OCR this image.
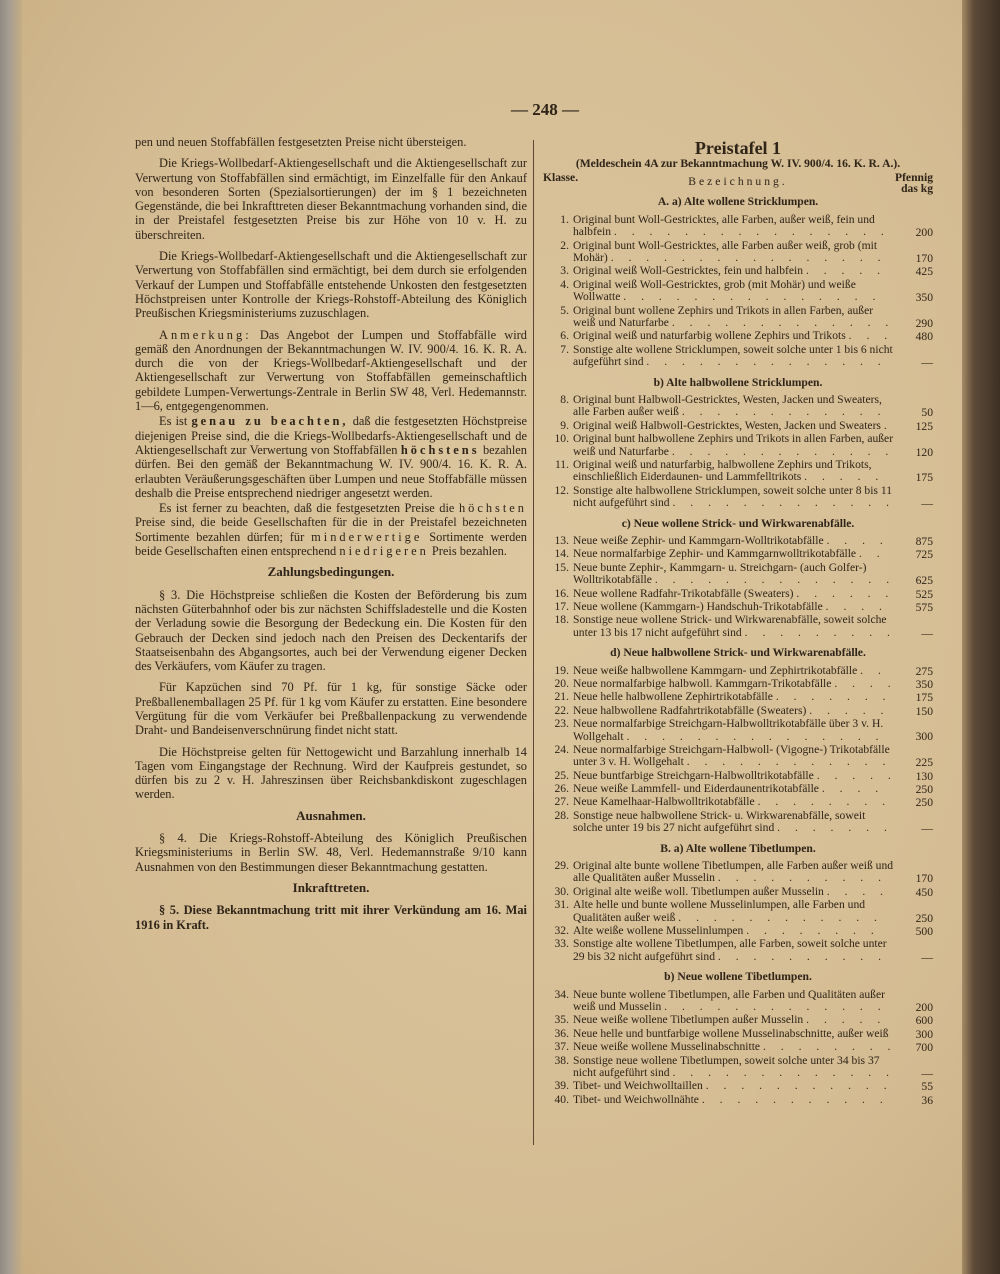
— 248 —

pen und neuen Stoffabfällen festgesetzten Preise nicht übersteigen.

Die Kriegs-Wollbedarf-Aktiengesellschaft und die Aktiengesellschaft zur Verwertung von Stoffabfällen sind ermächtigt, im Einzelfalle für den Ankauf von besonderen Sorten (Spezialsortierungen) der im § 1 bezeichneten Gegenstände, die bei Inkrafttreten dieser Bekanntmachung vorhanden sind, die in der Preistafel festgesetzten Preise bis zur Höhe von 10 v. H. zu überschreiten.

Die Kriegs-Wollbedarf-Aktiengesellschaft und die Aktiengesellschaft zur Verwertung von Stoffabfällen sind ermächtigt, bei dem durch sie erfolgenden Verkauf der Lumpen und Stoffabfälle entstehende Unkosten den festgesetzten Höchstpreisen unter Kontrolle der Kriegs-Rohstoff-Abteilung des Königlich Preußischen Kriegsministeriums zuzuschlagen.

Anmerkung: Das Angebot der Lumpen und Stoffabfälle wird gemäß den Anordnungen der Bekanntmachungen W. IV. 900/4. 16. K. R. A. durch die von der Kriegs-Wollbedarf-Aktiengesellschaft und der Aktiengesellschaft zur Verwertung von Stoffabfällen gemeinschaftlich gebildete Lumpen-Verwertungs-Zentrale in Berlin SW 48, Verl. Hedemannstr. 1—6, entgegengenommen.

Es ist genau zu beachten, daß die festgesetzten Höchstpreise diejenigen Preise sind, die die Kriegs-Wollbedarfs-Aktiengesellschaft und de Aktiengesellschaft zur Verwertung von Stoffabfällen höchstens bezahlen dürfen. Bei den gemäß der Bekanntmachung W. IV. 900/4. 16. K. R. A. erlaubten Veräußerungsgeschäften über Lumpen und neue Stoffabfälle müssen deshalb die Preise entsprechend niedriger angesetzt werden.

Es ist ferner zu beachten, daß die festgesetzten Preise die höchsten Preise sind, die beide Gesellschaften für die in der Preistafel bezeichneten Sortimente bezahlen dürfen; für minderwertige Sortimente werden beide Gesellschaften einen entsprechend niedrigeren Preis bezahlen.

Zahlungsbedingungen.

§ 3. Die Höchstpreise schließen die Kosten der Beförderung bis zum nächsten Güterbahnhof oder bis zur nächsten Schiffsladestelle und die Kosten der Verladung sowie die Besorgung der Bedeckung ein. Die Kosten für den Gebrauch der Decken sind jedoch nach den Preisen des Deckentarifs der Staatseisenbahn des Abgangsortes, auch bei der Verwendung eigener Decken des Verkäufers, vom Käufer zu tragen.

Für Kapzüchen sind 70 Pf. für 1 kg, für sonstige Säcke oder Preßballenemballagen 25 Pf. für 1 kg vom Käufer zu erstatten. Eine besondere Vergütung für die vom Verkäufer bei Preßballenpackung zu verwendende Draht- und Bandeisenverschnürung findet nicht statt.

Die Höchstpreise gelten für Nettogewicht und Barzahlung innerhalb 14 Tagen vom Eingangstage der Rechnung. Wird der Kaufpreis gestundet, so dürfen bis zu 2 v. H. Jahreszinsen über Reichsbankdiskont zugeschlagen werden.

Ausnahmen.

§ 4. Die Kriegs-Rohstoff-Abteilung des Königlich Preußischen Kriegsministeriums in Berlin SW. 48, Verl. Hedemannstraße 9/10 kann Ausnahmen von den Bestimmungen dieser Bekanntmachung gestatten.

Inkrafttreten.

§ 5. Diese Bekanntmachung tritt mit ihrer Verkündung am 16. Mai 1916 in Kraft.

Preistafel 1
(Meldeschein 4A zur Bekanntmachung W. IV. 900/4. 16. K. R. A.).
Klasse.	Bezeichnung.	Pfennig das kg
A. a) Alte wollene Stricklumpen.
1. Original bunt Woll-Gestricktes, alle Farben, außer weiß, fein und halbfein . . . . . . . . . . . . . . . .	200
2. Original bunt Woll-Gestricktes, alle Farben außer weiß, grob (mit Mohär) . . . . . . . . . . . . . . . .	170
3. Original weiß Woll-Gestricktes, fein und halbfein . . . . .	425
4. Original weiß Woll-Gestricktes, grob (mit Mohär) und weiße Wollwatte . . . . . . . . . . . . . . .	350
5. Original bunt wollene Zephirs und Trikots in allen Farben, außer weiß und Naturfarbe . . . . . . . . . . . . .	290
6. Original weiß und naturfarbig wollene Zephirs und Trikots . . .	480
7. Sonstige alte wollene Stricklumpen, soweit solche unter 1 bis 6 nicht aufgeführt sind . . . . . . . . . . . . . .	—
b) Alte halbwollene Stricklumpen.
8. Original bunt Halbwoll-Gestricktes, Westen, Jacken und Sweaters, alle Farben außer weiß . . . . . . . . . . . .	50
9. Original weiß Halbwoll-Gestricktes, Westen, Jacken und Sweaters .	125
10. Original bunt halbwollene Zephirs und Trikots in allen Farben, außer weiß und Naturfarbe . . . . . . . . . . . . .	120
11. Original weiß und naturfarbig, halbwollene Zephirs und Trikots, einschließlich Eiderdaunen- und Lammfelltrikots . . . . .	175
12. Sonstige alte halbwollene Stricklumpen, soweit solche unter 8 bis 11 nicht aufgeführt sind . . . . . . . . . . . . .	—
c) Neue wollene Strick- und Wirkwarenabfälle.
13. Neue weiße Zephir- und Kammgarn-Wolltrikotabfälle . . . .	875
14. Neue normalfarbige Zephir- und Kammgarnwolltrikotabfälle . .	725
15. Neue bunte Zephir-, Kammgarn- u. Streichgarn- (auch Golfer-) Wolltrikotabfälle . . . . . . . . . . . . . .	625
16. Neue wollene Radfahr-Trikotabfälle (Sweaters) . . . . . .	525
17. Neue wollene (Kammgarn-) Handschuh-Trikotabfälle . . . .	575
18. Sonstige neue wollene Strick- und Wirkwarenabfälle, soweit solche unter 13 bis 17 nicht aufgeführt sind . . . . . . . . .	—
d) Neue halbwollene Strick- und Wirkwarenabfälle.
19. Neue weiße halbwollene Kammgarn- und Zephirtrikotabfälle . .	275
20. Neue normalfarbige halbwoll. Kammgarn-Trikotabfälle . . . .	350
21. Neue helle halbwollene Zephirtrikotabfälle . . . . . . .	175
22. Neue halbwollene Radfahrtrikotabfälle (Sweaters) . . . . .	150
23. Neue normalfarbige Streichgarn-Halbwolltrikotabfälle über 3 v. H. Wollgehalt . . . . . . . . . . . . . . .	300
24. Neue normalfarbige Streichgarn-Halbwoll- (Vigogne-) Trikotabfälle unter 3 v. H. Wollgehalt . . . . . . . . . . . .	225
25. Neue buntfarbige Streichgarn-Halbwolltrikotabfälle . . . . .	130
26. Neue weiße Lammfell- und Eiderdaunentrikotabfälle . . . .	250
27. Neue Kamelhaar-Halbwolltrikotabfälle . . . . . . . .	250
28. Sonstige neue halbwollene Strick- u. Wirkwarenabfälle, soweit solche unter 19 bis 27 nicht aufgeführt sind . . . . . . .	—
B. a) Alte wollene Tibetlumpen.
29. Original alte bunte wollene Tibetlumpen, alle Farben außer weiß und alle Qualitäten außer Musselin . . . . . . . . . .	170
30. Original alte weiße woll. Tibetlumpen außer Musselin . . . .	450
31. Alte helle und bunte wollene Musselinlumpen, alle Farben und Qualitäten außer weiß . . . . . . . . . . . .	250
32. Alte weiße wollene Musselinlumpen . . . . . . . .	500
33. Sonstige alte wollene Tibetlumpen, alle Farben, soweit solche unter 29 bis 32 nicht aufgeführt sind . . . . . . . . . .	—
b) Neue wollene Tibetlumpen.
34. Neue bunte wollene Tibetlumpen, alle Farben und Qualitäten außer weiß und Musselin . . . . . . . . . . . . .	200
35. Neue weiße wollene Tibetlumpen außer Musselin . . . . .	600
36. Neue helle und buntfarbige wollene Musselinabschnitte, außer weiß	300
37. Neue weiße wollene Musselinabschnitte . . . . . . . .	700
38. Sonstige neue wollene Tibetlumpen, soweit solche unter 34 bis 37 nicht aufgeführt sind . . . . . . . . . . . . .	—
39. Tibet- und Weichwolltaillen . . . . . . . . . . .	55
40. Tibet- und Weichwollnähte . . . . . . . . . . .	36
